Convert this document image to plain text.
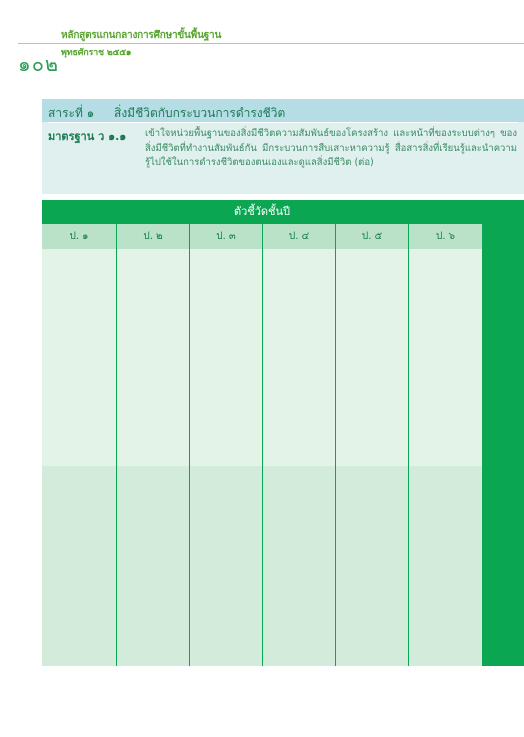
หลักสูตรแกนกลางการศึกษาขั้นพื้นฐาน
พุทธศักราช ๒๕๕๑
๑๐๒
สาระที่ ๑ สิ่งมีชีวิตกับกระบวนการดำรงชีวิต
มาตรฐาน ว ๑.๑ เข้าใจหน่วยพื้นฐานของสิ่งมีชีวิตความสัมพันธ์ของโครงสร้าง และหน้าที่ของระบบต่างๆ ของสิ่งมีชีวิตที่ทำงานสัมพันธ์กัน มีกระบวนการสืบเสาะหาความรู้ สื่อสารสิ่งที่เรียนรู้และนำความรู้ไปใช้ในการดำรงชีวิตของตนเองและดูแลสิ่งมีชีวิต (ต่อ)
ตัวชี้วัดชั้นปี
ป. ๑	ป. ๒	ป. ๓	ป. ๔	ป. ๕	ป. ๖
